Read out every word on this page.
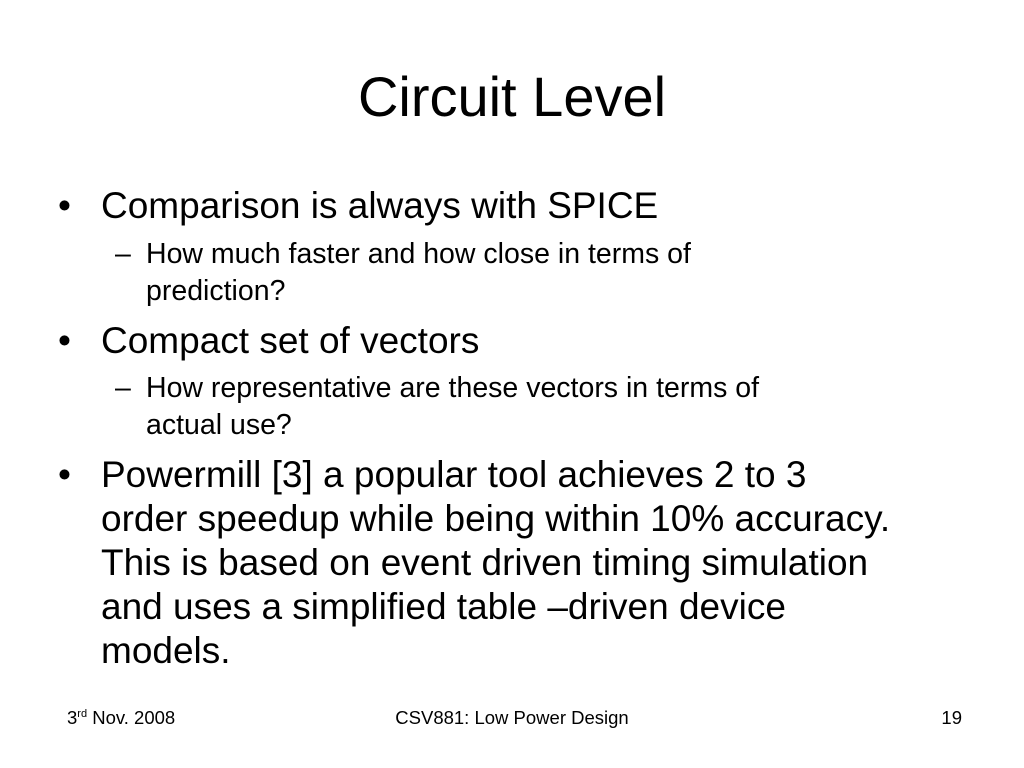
Circuit Level
• Comparison is always with SPICE
– How much faster and how close in terms of
prediction?
• Compact set of vectors
– How representative are these vectors in terms of
actual use?
• Powermill [3] a popular tool achieves 2 to 3
order speedup while being within 10% accuracy.
This is based on event driven timing simulation
and uses a simplified table –driven device
models.
3rd Nov. 2008	CSV881: Low Power Design	19
